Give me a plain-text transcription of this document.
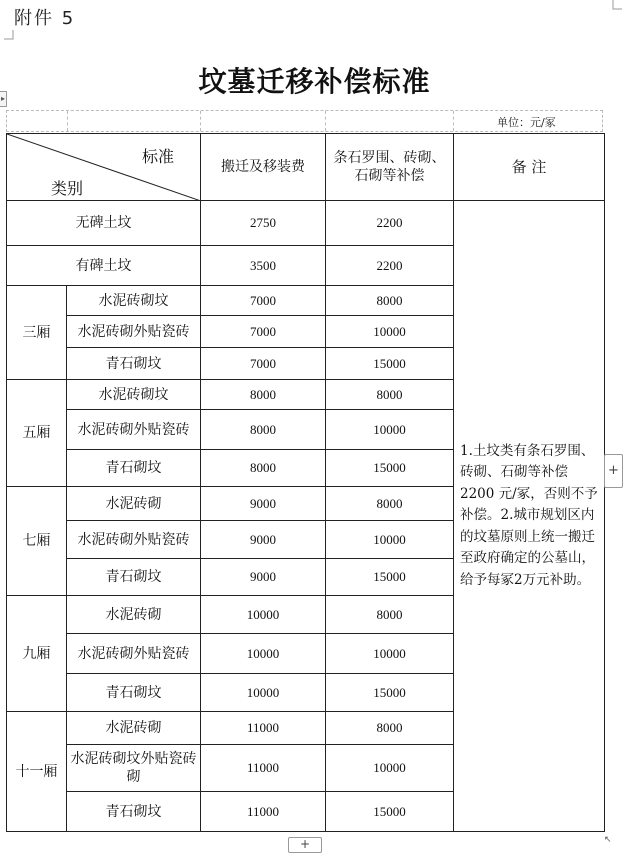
附件 5
坟墓迁移补偿标准
▸
单位：元/冢
标准
类别		搬迁及移装费	条石罗围、砖砌、石砌等补偿	备 注
无碑土坟		2750	2200	1.土坟类有条石罗围、砖砌、石砌等补偿2200 元/冢，否则不予补偿。2.城市规划区内的坟墓原则上统一搬迁至政府确定的公墓山，给予每冢2万元补助。
有碑土坟		3500	2200	
三厢	水泥砖砌坟	7000	8000	
	水泥砖砌外贴瓷砖	7000	10000	
	青石砌坟	7000	15000	
五厢	水泥砖砌坟	8000	8000	
	水泥砖砌外贴瓷砖	8000	10000	
	青石砌坟	8000	15000	
七厢	水泥砖砌	9000	8000	
	水泥砖砌外贴瓷砖	9000	10000	
	青石砌坟	9000	15000	
九厢	水泥砖砌	10000	8000	
	水泥砖砌外贴瓷砖	10000	10000	
	青石砌坟	10000	15000	
十一厢	水泥砖砌	11000	8000	
	水泥砖砌坟外贴瓷砖砌	11000	10000	
	青石砌坟	11000	15000	
+
+	↖
